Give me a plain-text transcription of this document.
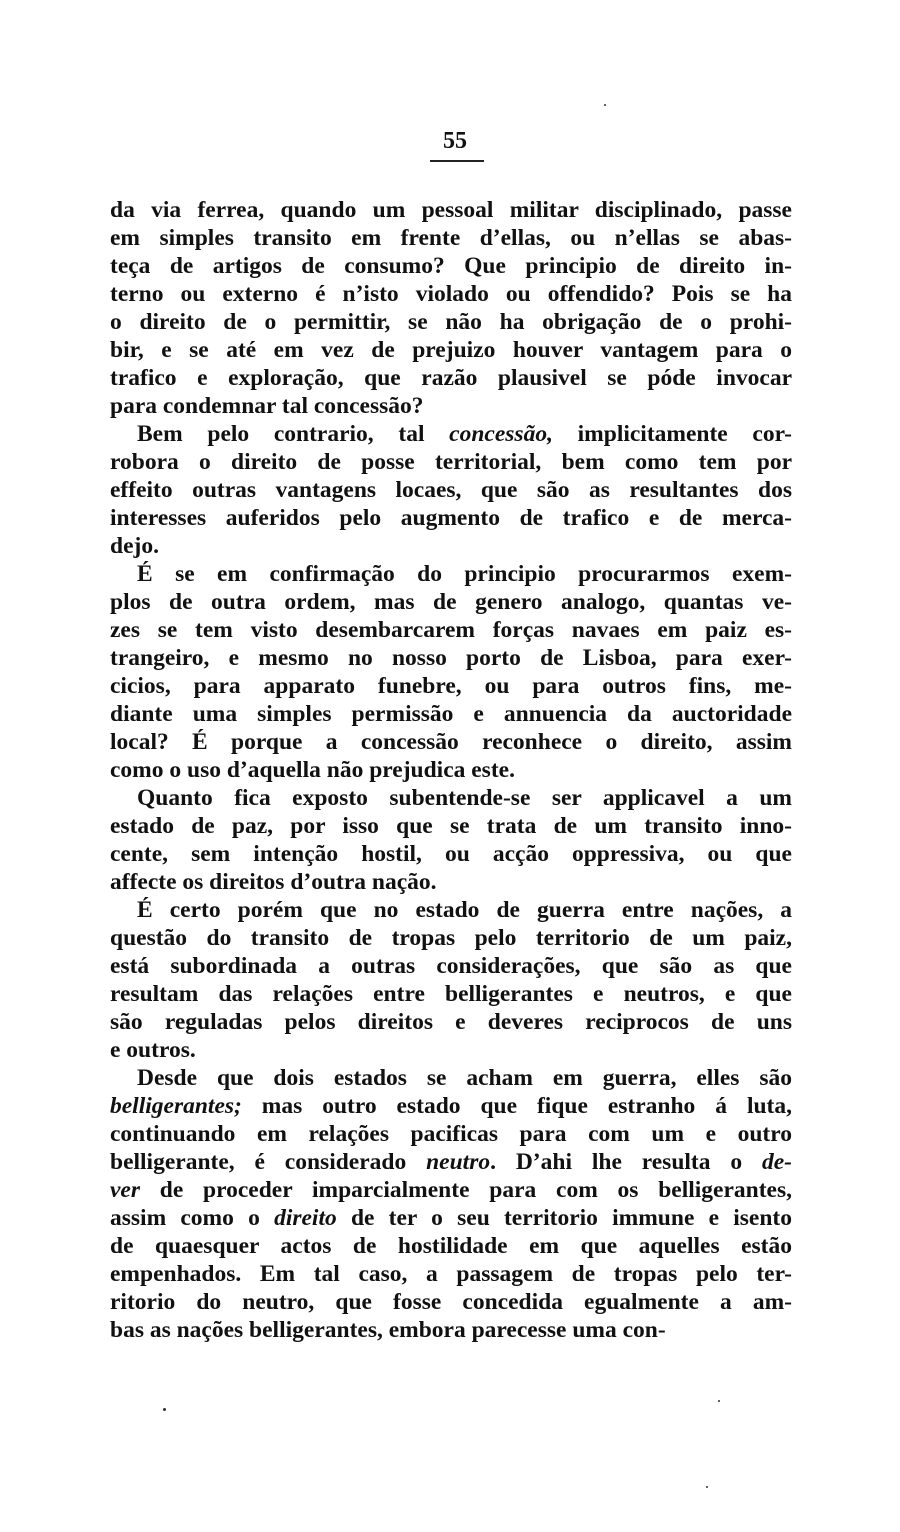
55
da via ferrea, quando um pessoal militar disciplinado, passe
em simples transito em frente d’ellas, ou n’ellas se abas-
teça de artigos de consumo? Que principio de direito in-
terno ou externo é n’isto violado ou offendido? Pois se ha
o direito de o permittir, se não ha obrigação de o prohi-
bir, e se até em vez de prejuizo houver vantagem para o
trafico e exploração, que razão plausivel se póde invocar
para condemnar tal concessão?
Bem pelo contrario, tal concessão, implicitamente cor-
robora o direito de posse territorial, bem como tem por
effeito outras vantagens locaes, que são as resultantes dos
interesses auferidos pelo augmento de trafico e de merca-
dejo.
É se em confirmação do principio procurarmos exem-
plos de outra ordem, mas de genero analogo, quantas ve-
zes se tem visto desembarcarem forças navaes em paiz es-
trangeiro, e mesmo no nosso porto de Lisboa, para exer-
cicios, para apparato funebre, ou para outros fins, me-
diante uma simples permissão e annuencia da auctoridade
local? É porque a concessão reconhece o direito, assim
como o uso d’aquella não prejudica este.
Quanto fica exposto subentende-se ser applicavel a um
estado de paz, por isso que se trata de um transito inno-
cente, sem intenção hostil, ou acção oppressiva, ou que
affecte os direitos d’outra nação.
É certo porém que no estado de guerra entre nações, a
questão do transito de tropas pelo territorio de um paiz,
está subordinada a outras considerações, que são as que
resultam das relações entre belligerantes e neutros, e que
são reguladas pelos direitos e deveres reciprocos de uns
e outros.
Desde que dois estados se acham em guerra, elles são
belligerantes; mas outro estado que fique estranho á luta,
continuando em relações pacificas para com um e outro
belligerante, é considerado neutro. D’ahi lhe resulta o de-
ver de proceder imparcialmente para com os belligerantes,
assim como o direito de ter o seu territorio immune e isento
de quaesquer actos de hostilidade em que aquelles estão
empenhados. Em tal caso, a passagem de tropas pelo ter-
ritorio do neutro, que fosse concedida egualmente a am-
bas as nações belligerantes, embora parecesse uma con-
